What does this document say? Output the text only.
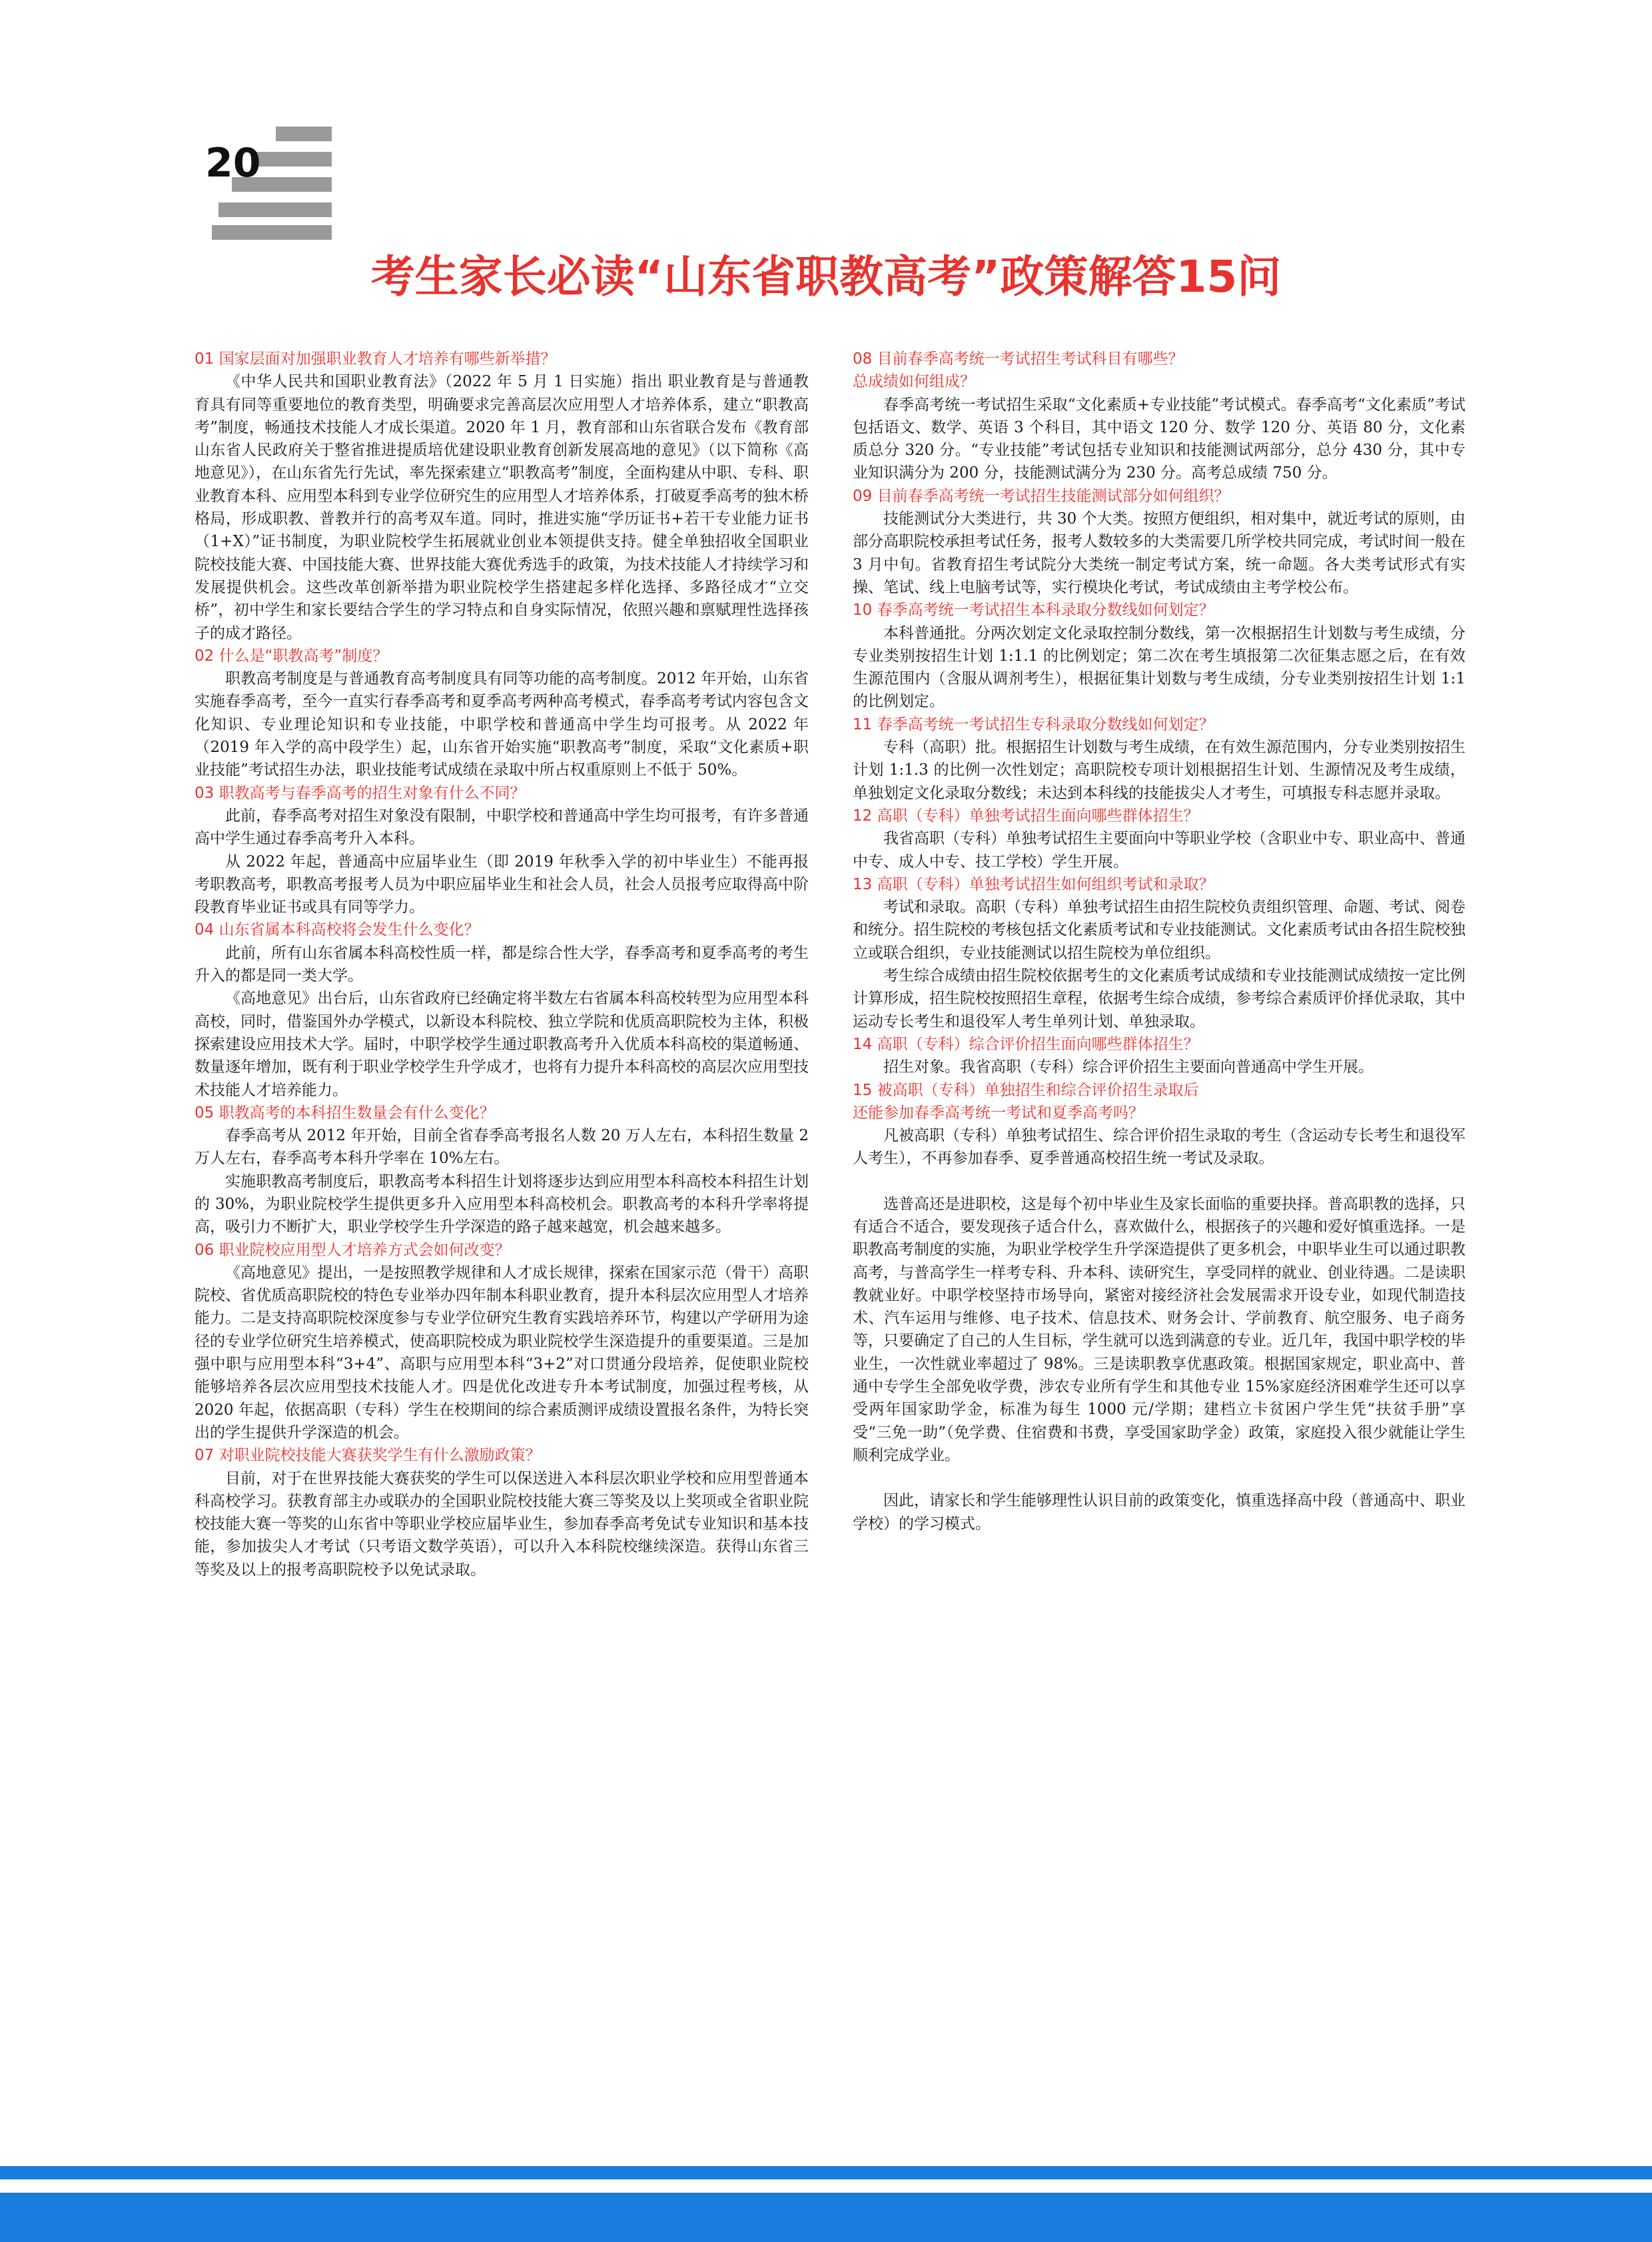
20
考生家长必读“山东省职教高考”政策解答15问
01 国家层面对加强职业教育人才培养有哪些新举措？

《中华人民共和国职业教育法》（2022 年 5 月 1 日实施）指出 职业教育是与普通教育具有同等重要地位的教育类型，明确要求完善高层次应用型人才培养体系，建立“职教高考”制度，畅通技术技能人才成长渠道。2020 年 1 月，教育部和山东省联合发布《教育部山东省人民政府关于整省推进提质培优建设职业教育创新发展高地的意见》（以下简称《高地意见》），在山东省先行先试，率先探索建立“职教高考”制度，全面构建从中职、专科、职业教育本科、应用型本科到专业学位研究生的应用型人才培养体系，打破夏季高考的独木桥格局，形成职教、普教并行的高考双车道。同时，推进实施“学历证书+若干专业能力证书（1+X）”证书制度，为职业院校学生拓展就业创业本领提供支持。健全单独招收全国职业院校技能大赛、中国技能大赛、世界技能大赛优秀选手的政策，为技术技能人才持续学习和发展提供机会。这些改革创新举措为职业院校学生搭建起多样化选择、多路径成才“立交桥”，初中学生和家长要结合学生的学习特点和自身实际情况，依照兴趣和禀赋理性选择孩子的成才路径。

02 什么是“职教高考”制度？

职教高考制度是与普通教育高考制度具有同等功能的高考制度。2012 年开始，山东省实施春季高考，至今一直实行春季高考和夏季高考两种高考模式，春季高考考试内容包含文化知识、专业理论知识和专业技能，中职学校和普通高中学生均可报考。从 2022 年（2019 年入学的高中段学生）起，山东省开始实施“职教高考”制度，采取“文化素质+职业技能”考试招生办法，职业技能考试成绩在录取中所占权重原则上不低于 50%。

03 职教高考与春季高考的招生对象有什么不同？

此前，春季高考对招生对象没有限制，中职学校和普通高中学生均可报考，有许多普通高中学生通过春季高考升入本科。

从 2022 年起，普通高中应届毕业生（即 2019 年秋季入学的初中毕业生）不能再报考职教高考，职教高考报考人员为中职应届毕业生和社会人员，社会人员报考应取得高中阶段教育毕业证书或具有同等学力。

04 山东省属本科高校将会发生什么变化？

此前，所有山东省属本科高校性质一样，都是综合性大学，春季高考和夏季高考的考生升入的都是同一类大学。

《高地意见》出台后，山东省政府已经确定将半数左右省属本科高校转型为应用型本科高校，同时，借鉴国外办学模式，以新设本科院校、独立学院和优质高职院校为主体，积极探索建设应用技术大学。届时，中职学校学生通过职教高考升入优质本科高校的渠道畅通、数量逐年增加，既有利于职业学校学生升学成才，也将有力提升本科高校的高层次应用型技术技能人才培养能力。

05 职教高考的本科招生数量会有什么变化？

春季高考从 2012 年开始，目前全省春季高考报名人数 20 万人左右，本科招生数量 2 万人左右，春季高考本科升学率在 10%左右。

实施职教高考制度后，职教高考本科招生计划将逐步达到应用型本科高校本科招生计划的 30%，为职业院校学生提供更多升入应用型本科高校机会。职教高考的本科升学率将提高，吸引力不断扩大，职业学校学生升学深造的路子越来越宽，机会越来越多。

06 职业院校应用型人才培养方式会如何改变？

《高地意见》提出，一是按照教学规律和人才成长规律，探索在国家示范（骨干）高职院校、省优质高职院校的特色专业举办四年制本科职业教育，提升本科层次应用型人才培养能力。二是支持高职院校深度参与专业学位研究生教育实践培养环节，构建以产学研用为途径的专业学位研究生培养模式，使高职院校成为职业院校学生深造提升的重要渠道。三是加强中职与应用型本科“3+4”、高职与应用型本科“3+2”对口贯通分段培养，促使职业院校能够培养各层次应用型技术技能人才。四是优化改进专升本考试制度，加强过程考核，从 2020 年起，依据高职（专科）学生在校期间的综合素质测评成绩设置报名条件，为特长突出的学生提供升学深造的机会。

07 对职业院校技能大赛获奖学生有什么激励政策？

目前，对于在世界技能大赛获奖的学生可以保送进入本科层次职业学校和应用型普通本科高校学习。获教育部主办或联办的全国职业院校技能大赛三等奖及以上奖项或全省职业院校技能大赛一等奖的山东省中等职业学校应届毕业生，参加春季高考免试专业知识和基本技能，参加拔尖人才考试（只考语文数学英语），可以升入本科院校继续深造。获得山东省三等奖及以上的报考高职院校予以免试录取。

08 目前春季高考统一考试招生考试科目有哪些？
总成绩如何组成？

春季高考统一考试招生采取“文化素质+专业技能”考试模式。春季高考“文化素质”考试包括语文、数学、英语 3 个科目，其中语文 120 分、数学 120 分、英语 80 分，文化素质总分 320 分。“专业技能”考试包括专业知识和技能测试两部分，总分 430 分，其中专业知识满分为 200 分，技能测试满分为 230 分。高考总成绩 750 分。

09 目前春季高考统一考试招生技能测试部分如何组织？

技能测试分大类进行，共 30 个大类。按照方便组织，相对集中，就近考试的原则，由部分高职院校承担考试任务，报考人数较多的大类需要几所学校共同完成，考试时间一般在 3 月中旬。省教育招生考试院分大类统一制定考试方案，统一命题。各大类考试形式有实操、笔试、线上电脑考试等，实行模块化考试，考试成绩由主考学校公布。

10 春季高考统一考试招生本科录取分数线如何划定？

本科普通批。分两次划定文化录取控制分数线，第一次根据招生计划数与考生成绩，分专业类别按招生计划 1:1.1 的比例划定；第二次在考生填报第二次征集志愿之后，在有效生源范围内（含服从调剂考生），根据征集计划数与考生成绩，分专业类别按招生计划 1:1 的比例划定。

11 春季高考统一考试招生专科录取分数线如何划定？

专科（高职）批。根据招生计划数与考生成绩，在有效生源范围内，分专业类别按招生计划 1:1.3 的比例一次性划定；高职院校专项计划根据招生计划、生源情况及考生成绩，单独划定文化录取分数线；未达到本科线的技能拔尖人才考生，可填报专科志愿并录取。

12 高职（专科）单独考试招生面向哪些群体招生？

我省高职（专科）单独考试招生主要面向中等职业学校（含职业中专、职业高中、普通中专、成人中专、技工学校）学生开展。

13 高职（专科）单独考试招生如何组织考试和录取？

考试和录取。高职（专科）单独考试招生由招生院校负责组织管理、命题、考试、阅卷和统分。招生院校的考核包括文化素质考试和专业技能测试。文化素质考试由各招生院校独立或联合组织，专业技能测试以招生院校为单位组织。

考生综合成绩由招生院校依据考生的文化素质考试成绩和专业技能测试成绩按一定比例计算形成，招生院校按照招生章程，依据考生综合成绩，参考综合素质评价择优录取，其中运动专长考生和退役军人考生单列计划、单独录取。

14 高职（专科）综合评价招生面向哪些群体招生？

招生对象。我省高职（专科）综合评价招生主要面向普通高中学生开展。

15 被高职（专科）单独招生和综合评价招生录取后
还能参加春季高考统一考试和夏季高考吗？

凡被高职（专科）单独考试招生、综合评价招生录取的考生（含运动专长考生和退役军人考生），不再参加春季、夏季普通高校招生统一考试及录取。

选普高还是进职校，这是每个初中毕业生及家长面临的重要抉择。普高职教的选择，只有适合不适合，要发现孩子适合什么，喜欢做什么，根据孩子的兴趣和爱好慎重选择。一是职教高考制度的实施，为职业学校学生升学深造提供了更多机会，中职毕业生可以通过职教高考，与普高学生一样考专科、升本科、读研究生，享受同样的就业、创业待遇。二是读职教就业好。中职学校坚持市场导向，紧密对接经济社会发展需求开设专业，如现代制造技术、汽车运用与维修、电子技术、信息技术、财务会计、学前教育、航空服务、电子商务等，只要确定了自己的人生目标，学生就可以选到满意的专业。近几年，我国中职学校的毕业生，一次性就业率超过了 98%。三是读职教享优惠政策。根据国家规定，职业高中、普通中专学生全部免收学费，涉农专业所有学生和其他专业 15%家庭经济困难学生还可以享受两年国家助学金，标准为每生 1000 元/学期；建档立卡贫困户学生凭“扶贫手册”享受“三免一助”（免学费、住宿费和书费，享受国家助学金）政策，家庭投入很少就能让学生顺利完成学业。

因此，请家长和学生能够理性认识目前的政策变化，慎重选择高中段（普通高中、职业学校）的学习模式。
